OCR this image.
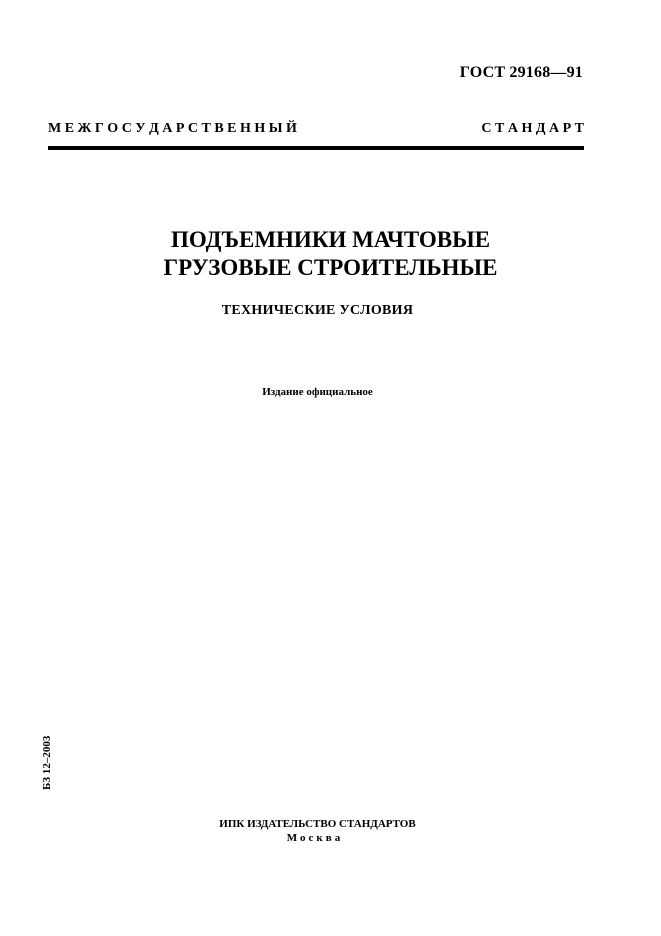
ГОСТ 29168—91
М Е Ж Г О С У Д А Р С Т В Е Н Н Ы Й	С Т А Н Д А Р Т
ПОДЪЕМНИКИ МАЧТОВЫЕ
ГРУЗОВЫЕ СТРОИТЕЛЬНЫЕ
ТЕХНИЧЕСКИЕ УСЛОВИЯ
Издание официальное
БЗ 12–2003
ИПК ИЗДАТЕЛЬСТВО СТАНДАРТОВ
Москва
